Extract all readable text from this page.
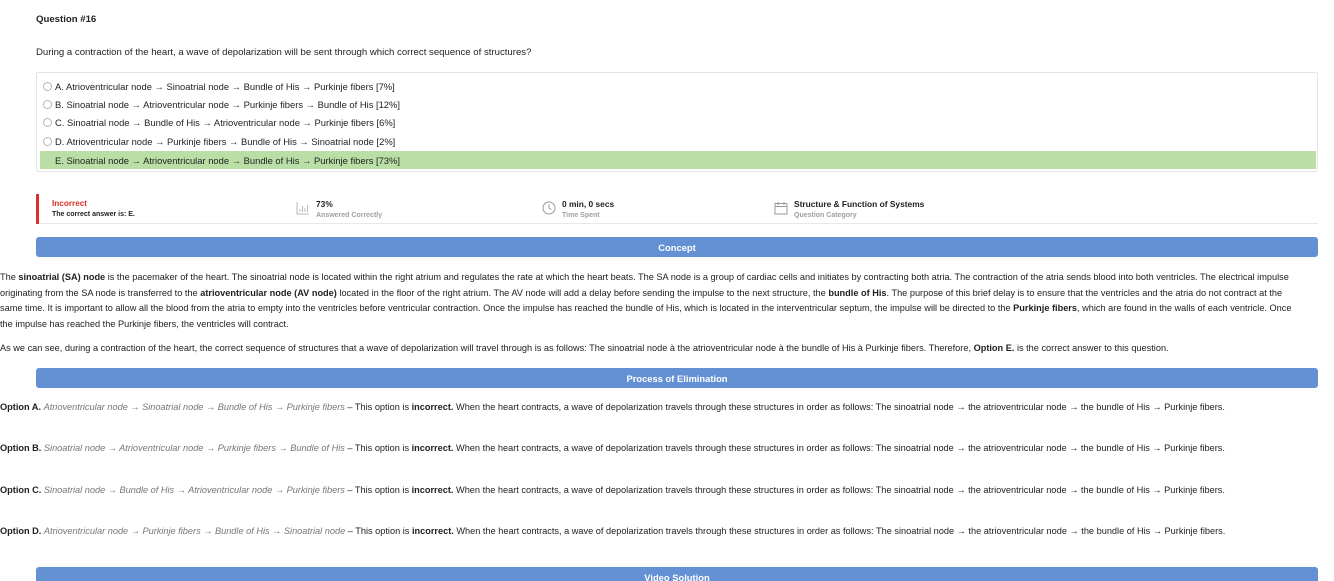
Question #16
During a contraction of the heart, a wave of depolarization will be sent through which correct sequence of structures?
A. Atrioventricular node → Sinoatrial node → Bundle of His → Purkinje fibers [7%]
B. Sinoatrial node → Atrioventricular node → Purkinje fibers → Bundle of His [12%]
C. Sinoatrial node → Bundle of His → Atrioventricular node → Purkinje fibers [6%]
D. Atrioventricular node → Purkinje fibers → Bundle of His → Sinoatrial node [2%]
E. Sinoatrial node → Atrioventricular node → Bundle of His → Purkinje fibers [73%]
Incorrect
The correct answer is: E.
73%
Answered Correctly
0 min, 0 secs
Time Spent
Structure & Function of Systems
Question Category
Concept
The sinoatrial (SA) node is the pacemaker of the heart. The sinoatrial node is located within the right atrium and regulates the rate at which the heart beats. The SA node is a group of cardiac cells and initiates by contracting both atria. The contraction of the atria sends blood into both ventricles. The electrical impulse originating from the SA node is transferred to the atrioventricular node (AV node) located in the floor of the right atrium. The AV node will add a delay before sending the impulse to the next structure, the bundle of His. The purpose of this brief delay is to ensure that the ventricles and the atria do not contract at the same time. It is important to allow all the blood from the atria to empty into the ventricles before ventricular contraction. Once the impulse has reached the bundle of His, which is located in the interventricular septum, the impulse will be directed to the Purkinje fibers, which are found in the walls of each ventricle. Once the impulse has reached the Purkinje fibers, the ventricles will contract.
As we can see, during a contraction of the heart, the correct sequence of structures that a wave of depolarization will travel through is as follows: The sinoatrial node à the atrioventricular node à the bundle of His à Purkinje fibers. Therefore, Option E. is the correct answer to this question.
Process of Elimination
Option A. Atrioventricular node → Sinoatrial node → Bundle of His → Purkinje fibers – This option is incorrect. When the heart contracts, a wave of depolarization travels through these structures in order as follows: The sinoatrial node → the atrioventricular node → the bundle of His → Purkinje fibers.
Option B. Sinoatrial node → Atrioventricular node → Purkinje fibers → Bundle of His – This option is incorrect. When the heart contracts, a wave of depolarization travels through these structures in order as follows: The sinoatrial node → the atrioventricular node → the bundle of His → Purkinje fibers.
Option C. Sinoatrial node → Bundle of His → Atrioventricular node → Purkinje fibers – This option is incorrect. When the heart contracts, a wave of depolarization travels through these structures in order as follows: The sinoatrial node → the atrioventricular node → the bundle of His → Purkinje fibers.
Option D. Atrioventricular node → Purkinje fibers → Bundle of His → Sinoatrial node – This option is incorrect. When the heart contracts, a wave of depolarization travels through these structures in order as follows: The sinoatrial node → the atrioventricular node → the bundle of His → Purkinje fibers.
Video Solution
